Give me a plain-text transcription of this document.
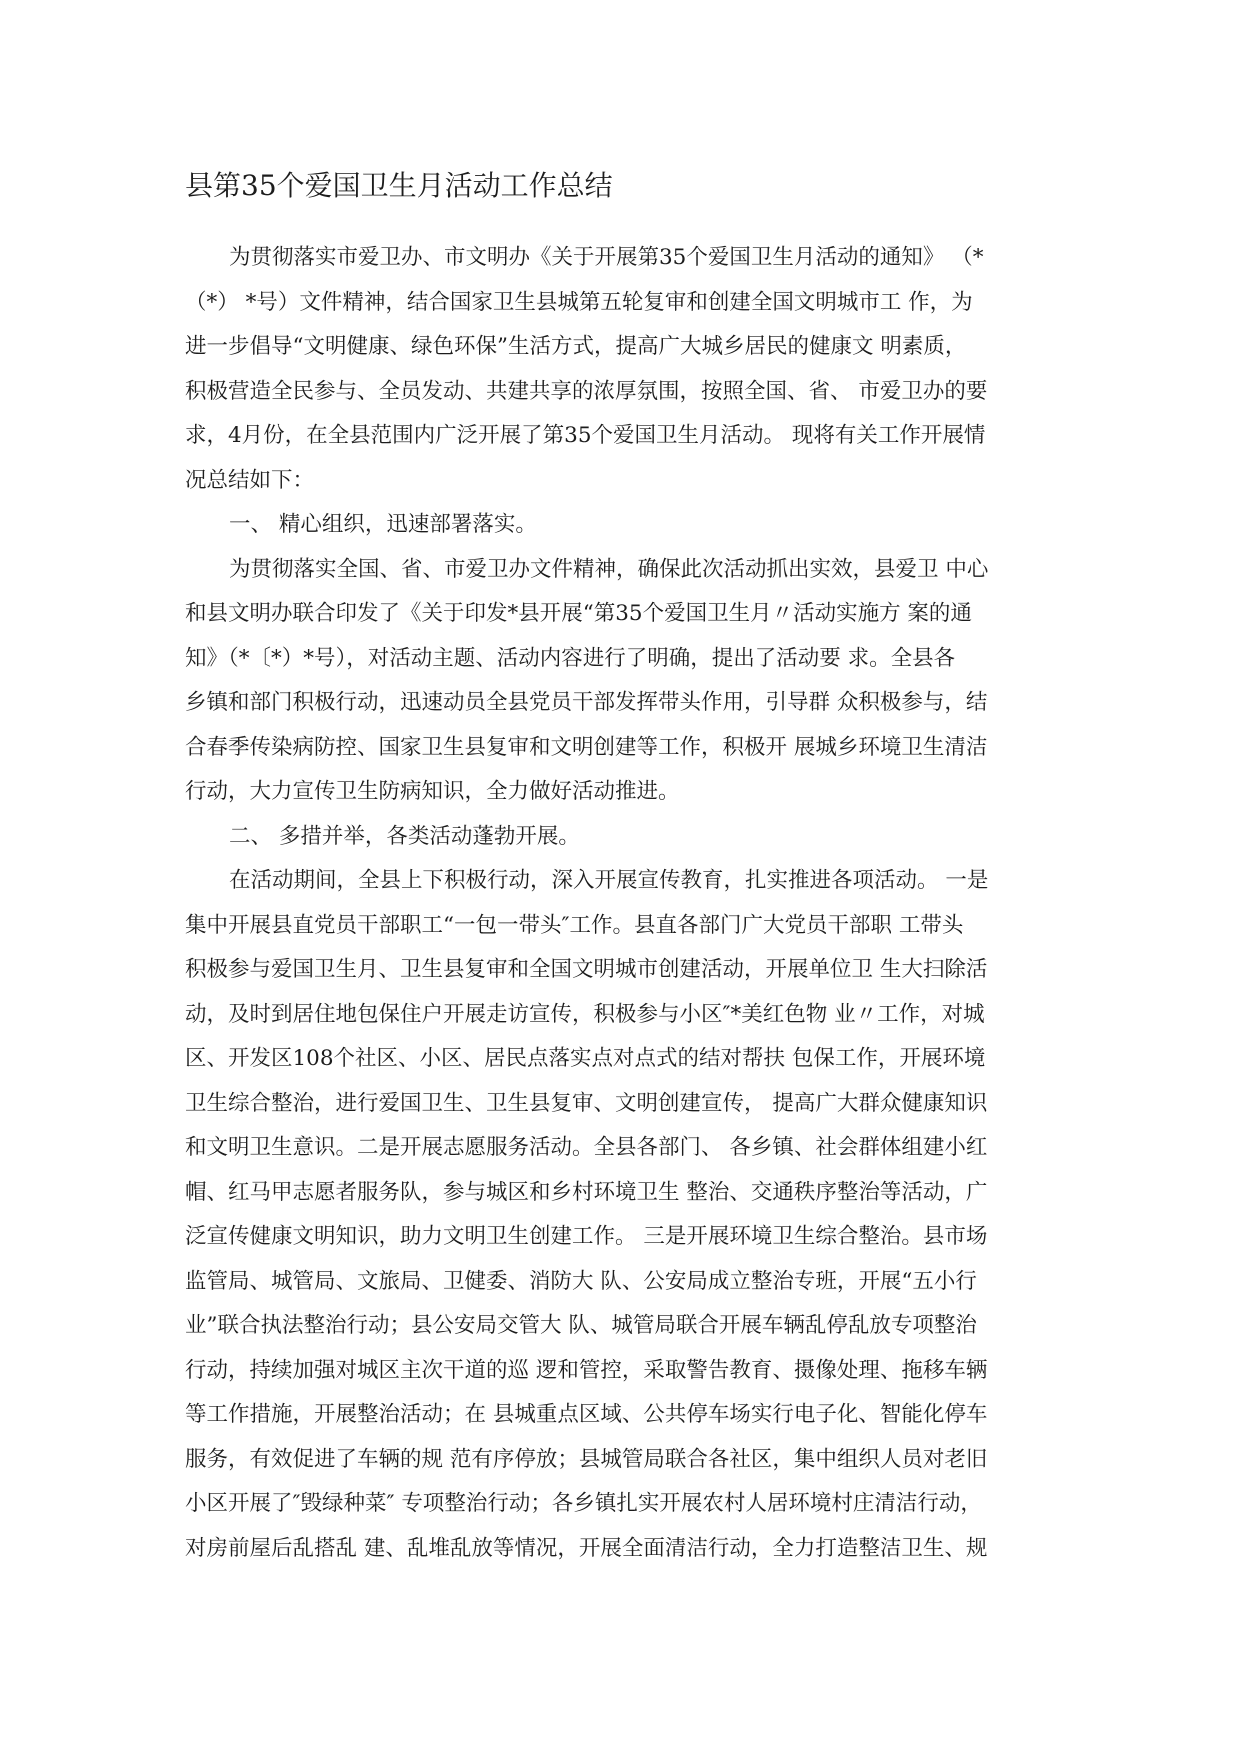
县第35个爱国卫生月活动工作总结
为贯彻落实市爱卫办、市文明办《关于开展第35个爱国卫生月活动的通知》 （*
（*） *号）文件精神，结合国家卫生县城第五轮复审和创建全国文明城市工 作，为
进一步倡导“文明健康、绿色环保”生活方式，提高广大城乡居民的健康文 明素质，
积极营造全民参与、全员发动、共建共享的浓厚氛围，按照全国、省、 市爱卫办的要
求，4月份，在全县范围内广泛开展了第35个爱国卫生月活动。 现将有关工作开展情
况总结如下：
一、 精心组织，迅速部署落实。
为贯彻落实全国、省、市爱卫办文件精神，确保此次活动抓出实效，县爱卫 中心
和县文明办联合印发了《关于印发*县开展“第35个爱国卫生月〃活动实施方 案的通
知》（*〔*）*号），对活动主题、活动内容进行了明确，提出了活动要 求。全县各
乡镇和部门积极行动，迅速动员全县党员干部发挥带头作用，引导群 众积极参与，结
合春季传染病防控、国家卫生县复审和文明创建等工作，积极开 展城乡环境卫生清洁
行动，大力宣传卫生防病知识，全力做好活动推进。
二、 多措并举，各类活动蓬勃开展。
在活动期间，全县上下积极行动，深入开展宣传教育，扎实推进各项活动。 一是
集中开展县直党员干部职工“一包一带头″工作。县直各部门广大党员干部职 工带头
积极参与爱国卫生月、卫生县复审和全国文明城市创建活动，开展单位卫 生大扫除活
动，及时到居住地包保住户开展走访宣传，积极参与小区″*美红色物 业〃工作，对城
区、开发区108个社区、小区、居民点落实点对点式的结对帮扶 包保工作，开展环境
卫生综合整治，进行爱国卫生、卫生县复审、文明创建宣传， 提高广大群众健康知识
和文明卫生意识。二是开展志愿服务活动。全县各部门、 各乡镇、社会群体组建小红
帽、红马甲志愿者服务队，参与城区和乡村环境卫生 整治、交通秩序整治等活动，广
泛宣传健康文明知识，助力文明卫生创建工作。 三是开展环境卫生综合整治。县市场
监管局、城管局、文旅局、卫健委、消防大 队、公安局成立整治专班，开展“五小行
业”联合执法整治行动；县公安局交管大 队、城管局联合开展车辆乱停乱放专项整治
行动，持续加强对城区主次干道的巡 逻和管控，采取警告教育、摄像处理、拖移车辆
等工作措施，开展整治活动；在 县城重点区域、公共停车场实行电子化、智能化停车
服务，有效促进了车辆的规 范有序停放；县城管局联合各社区，集中组织人员对老旧
小区开展了″毁绿种菜″ 专项整治行动；各乡镇扎实开展农村人居环境村庄清洁行动，
对房前屋后乱搭乱 建、乱堆乱放等情况，开展全面清洁行动，全力打造整洁卫生、规
